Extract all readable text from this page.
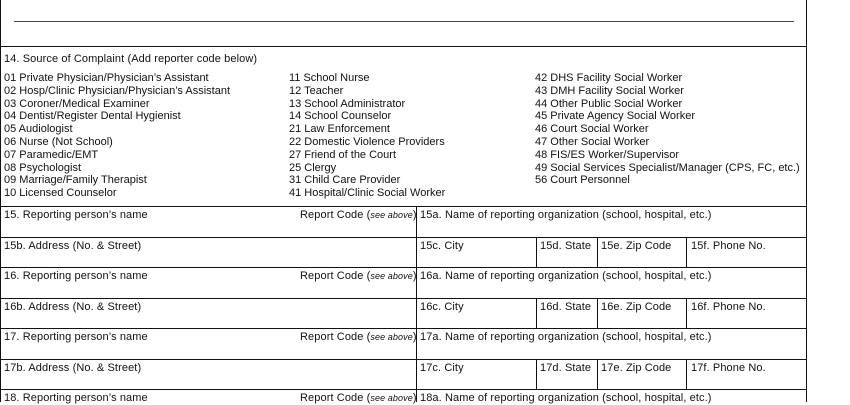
14. Source of Complaint (Add reporter code below)
01 Private Physician/Physician’s Assistant
02 Hosp/Clinic Physician/Physician’s Assistant
03 Coroner/Medical Examiner
04 Dentist/Register Dental Hygienist
05 Audiologist
06 Nurse (Not School)
07 Paramedic/EMT
08 Psychologist
09 Marriage/Family Therapist
10 Licensed Counselor
11 School Nurse
12 Teacher
13 School Administrator
14 School Counselor
21 Law Enforcement
22 Domestic Violence Providers
27 Friend of the Court
25 Clergy
31 Child Care Provider
41 Hospital/Clinic Social Worker
42 DHS Facility Social Worker
43 DMH Facility Social Worker
44 Other Public Social Worker
45 Private Agency Social Worker
46 Court Social Worker
47 Other Social Worker
48 FIS/ES Worker/Supervisor
49 Social Services Specialist/Manager (CPS, FC, etc.)
56 Court Personnel
15. Reporting person’s name	Report Code (see above) 15a. Name of reporting organization (school, hospital, etc.)
15b. Address (No. & Street)	15c. City	15d. State 15e. Zip Code 15f. Phone No.
16. Reporting person’s name	Report Code (see above) 16a. Name of reporting organization (school, hospital, etc.)
16b. Address (No. & Street)	16c. City	16d. State 16e. Zip Code 16f. Phone No.
17. Reporting person’s name	Report Code (see above) 17a. Name of reporting organization (school, hospital, etc.)
17b. Address (No. & Street)	17c. City	17d. State 17e. Zip Code 17f. Phone No.
18. Reporting person’s name	Report Code (see above) 18a. Name of reporting organization (school, hospital, etc.)
